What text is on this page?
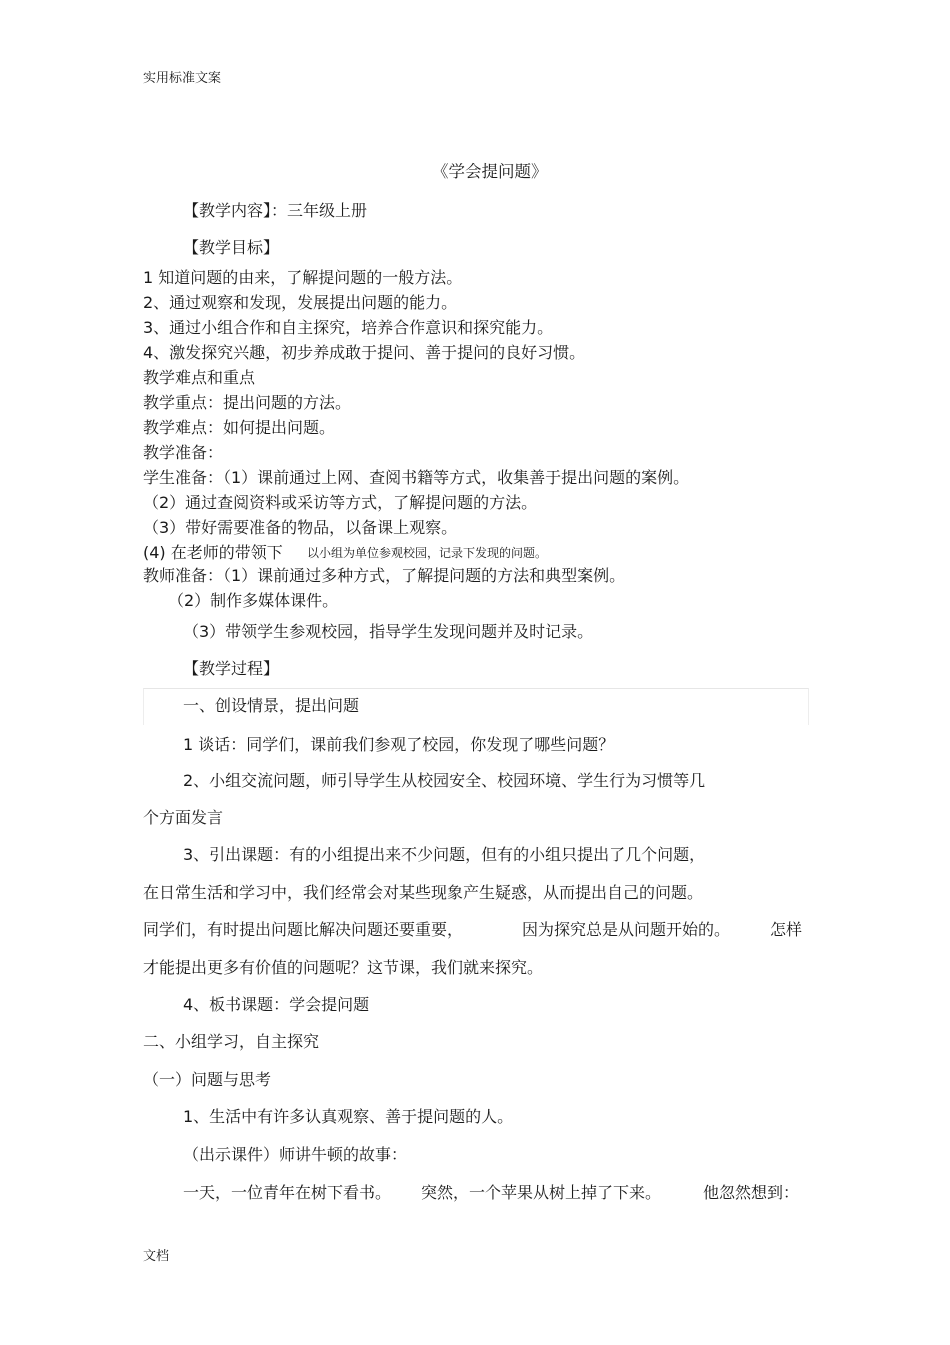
实用标准文案
《学会提问题》
【教学内容】：三年级上册
【教学目标】
1 知道问题的由来，了解提问题的一般方法。
2、通过观察和发现，发展提出问题的能力。
3、通过小组合作和自主探究，培养合作意识和探究能力。
4、激发探究兴趣，初步养成敢于提问、善于提问的良好习惯。
教学难点和重点
教学重点：提出问题的方法。
教学难点：如何提出问题。
教学准备：
学生准备：（1）课前通过上网、查阅书籍等方式，收集善于提出问题的案例。
（2）通过查阅资料或采访等方式，了解提问题的方法。
（3）带好需要准备的物品，以备课上观察。
(4) 在老师的带领下 以小组为单位参观校园，记录下发现的问题。
教师准备：（1）课前通过多种方式，了解提问题的方法和典型案例。
（2）制作多媒体课件。
（3）带领学生参观校园，指导学生发现问题并及时记录。
【教学过程】
一、创设情景，提出问题
1 谈话：同学们，课前我们参观了校园，你发现了哪些问题？
2、小组交流问题，师引导学生从校园安全、校园环境、学生行为习惯等几
个方面发言
3、引出课题：有的小组提出来不少问题，但有的小组只提出了几个问题，
在日常生活和学习中，我们经常会对某些现象产生疑惑，从而提出自己的问题。
同学们，有时提出问题比解决问题还要重要，	因为探究总是从问题开始的。 怎样
才能提出更多有价值的问题呢？这节课，我们就来探究。
4、板书课题：学会提问题
二、小组学习，自主探究
（一）问题与思考
1、生活中有许多认真观察、善于提问题的人。
（出示课件）师讲牛顿的故事：
一天，一位青年在树下看书。 突然，一个苹果从树上掉了下来。	他忽然想到：
文档
